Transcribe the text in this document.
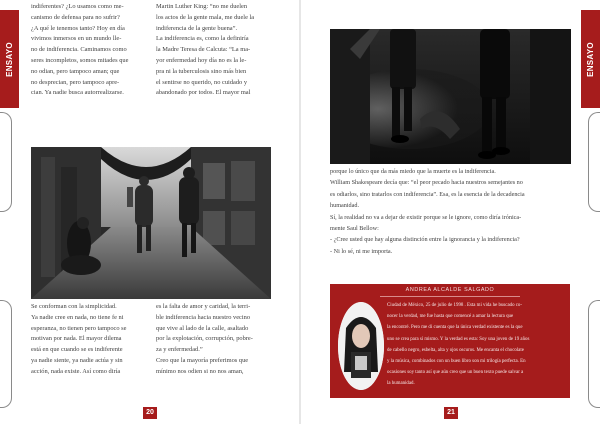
ENSAYO

indiferentes? ¿Lo usamos como me-

canismo de defensa para no sufrir?

¿A qué le tenemos tanto? Hoy en día

vivimos inmersos en un mundo lle-

no de indiferencia. Caminamos como

seres incompletos, somos mitades que

no odian, pero tampoco aman; que

no desprecian, pero tampoco apre-

cian. Ya nadie busca autorrealizarse.

Martin Luther King: “no me duelen

los actos de la gente mala, me duele la

indiferencia de la gente buena”.

La indiferencia es, como la definiría

la Madre Teresa de Calcuta: “La ma-

yor enfermedad hoy día no es la le-

pra ni la tuberculosis sino más bien

el sentirse no querido, no cuidado y

abandonado por todos. El mayor mal

Se conforman con la simplicidad.

Ya nadie cree en nada, no tiene fe ni

esperanza, no tienen pero tampoco se

motivan por nada. El mayor dilema

está en que cuando se es indiferente

ya nadie siente, ya nadie actúa y sin

acción, nada existe. Así como diría

es la falta de amor y caridad, la terri-

ble indiferencia hacia nuestro vecino

que vive al lado de la calle, asaltado

por la explotación, corrupción, pobre-

za y enfermedad.”

Creo que la mayoría preferimos que

mínimo nos odien si no nos aman,

20
ENSAYO

porque lo único que da más miedo que la muerte es la indiferencia.

William Shakespeare decía que: “el peor pecado hacia nuestros semejantes no

es odiarlos, sino tratarlos con indiferencia”. Esa, es la esencia de la decadencia

humanidad.

Sí, la realidad no va a dejar de existir porque se le ignore, como diría irónica-

mente Saul Bellow:

- ¿Cree usted que hay alguna distinción entre la ignorancia y la indiferencia?

- Ni lo sé, ni me importa.

ANDREA ALCALDE SALGADO

Ciudad de México, 25 de julio de 1998 . Esta mi vida he buscado co-

nocer la verdad, me fue hasta que comencé a amar la lectura que

la encontré. Pero me di cuenta que la única verdad existente es la que

uno se crea para sí mismo. Y la verdad es esta: Soy una joven de 19 años

de cabello negro, esbelta, alta y ojos oscuros. Me encanta el chocolate

y la música, combinados con un buen libro son mi trilogía perfecta. En

ocasiones soy tanto así que aún creo que un buen texto puede salvar a

la humanidad.

21
